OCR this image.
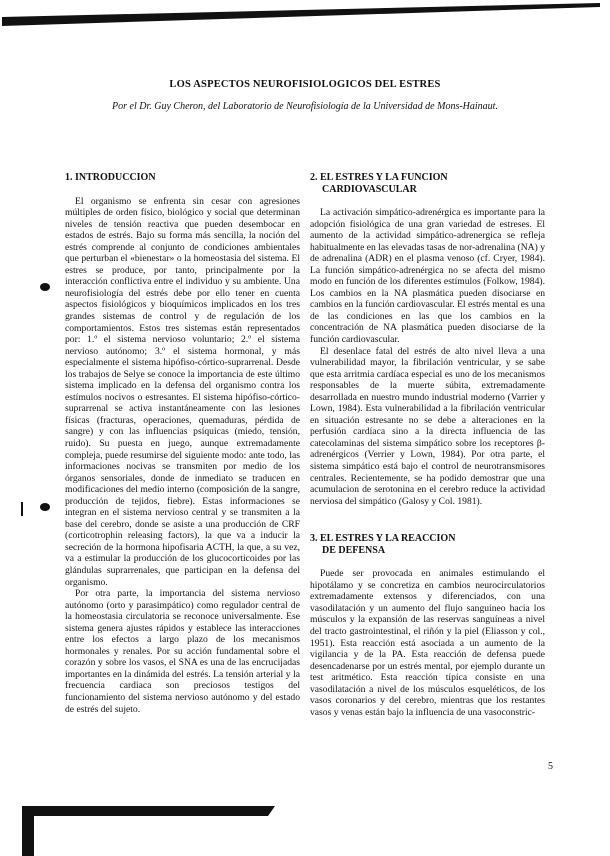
LOS ASPECTOS NEUROFISIOLOGICOS DEL ESTRES
Por el Dr. Guy Cheron, del Laboratorio de Neurofisiología de la Universidad de Mons-Hainaut.
1. INTRODUCCION

El organismo se enfrenta sin cesar con agresiones múltiples de orden físico, biológico y social que determinan niveles de tensión reactiva que pueden desembocar en estados de estrés. Bajo su forma más sencilla, la noción del estrés comprende al conjunto de condiciones ambientales que perturban el «bienestar» o la homeostasia del sistema. El estres se produce, por tanto, principalmente por la interacción conflictiva entre el individuo y su ambiente. Una neurofisiología del estrés debe por ello tener en cuenta aspectos fisiológicos y bioquímicos implicados en los tres grandes sistemas de control y de regulación de los comportamientos. Estos tres sistemas están representados por: 1.º el sistema nervioso voluntario; 2.º el sistema nervioso autónomo; 3.º el sistema hormonal, y más especialmente el sistema hipófiso-córtico-suprarrenal. Desde los trabajos de Selye se conoce la importancia de este último sistema implicado en la defensa del organismo contra los estímulos nocivos o estresantes. El sistema hipófiso-córtico-suprarrenal se activa instantáneamente con las lesiones físicas (fracturas, operaciones, quemaduras, pérdida de sangre) y con las influencias psíquicas (miedo, tensión, ruido). Su puesta en juego, aunque extremadamente compleja, puede resumirse del siguiente modo: ante todo, las informaciones nocivas se transmiten por medio de los órganos sensoriales, donde de inmediato se traducen en modificaciones del medio interno (composición de la sangre, producción de tejidos, fiebre). Estas informaciones se integran en el sistema nervioso central y se transmiten a la base del cerebro, donde se asiste a una producción de CRF (corticotrophin releasing factors), la que va a inducir la secreción de la hormona hipofisaria ACTH, la que, a su vez, va a estimular la producción de los glucocorticoides por las glándulas suprarrenales, que participan en la defensa del organismo.

Por otra parte, la importancia del sistema nervioso autónomo (orto y parasimpático) como regulador central de la homeostasia circulatoria se reconoce universalmente. Ese sistema genera ajustes rápidos y establece las interacciones entre los efectos a largo plazo de los mecanismos hormonales y renales. Por su acción fundamental sobre el corazón y sobre los vasos, el SNA es una de las encrucijadas importantes en la dinámida del estrés. La tensión arterial y la frecuencia cardiaca son preciosos testigos del funcionamiento del sistema nervioso autónomo y del estado de estrés del sujeto.

2. EL ESTRES Y LA FUNCION
CARDIOVASCULAR

La activación simpático-adrenérgica es importante para la adopción fisiológica de una gran variedad de estreses. El aumento de la actividad simpático-adrenergica se refleja habitualmente en las elevadas tasas de nor-adrenalina (NA) y de adrenalina (ADR) en el plasma venoso (cf. Cryer, 1984). La función simpático-adrenérgica no se afecta del mismo modo en función de los diferentes estímulos (Folkow, 1984). Los cambios en la NA plasmática pueden disociarse en cambios en la función cardiovascular. El estrés mental es una de las condiciones en las que los cambios en la concentración de NA plasmática pueden disociarse de la función cardiovascular.

El desenlace fatal del estrés de alto nivel lleva a una vulnerabilidad mayor, la fibrilación ventricular, y se sabe que esta arritmia cardíaca especial es uno de los mecanismos responsables de la muerte súbita, extremadamente desarrollada en nuestro mundo industrial moderno (Varrier y Lown, 1984). Esta vulnerabilidad a la fibrilación ventricular en situación estresante no se debe a alteraciones en la perfusión cardíaca sino a la directa influencia de las catecolaminas del sistema simpático sobre los receptores β-adrenérgicos (Verrier y Lown, 1984). Por otra parte, el sistema simpático está bajo el control de neurotransmisores centrales. Recientemente, se ha podido demostrar que una acumulacion de serotonina en el cerebro reduce la actividad nerviosa del simpático (Galosy y Col. 1981).

3. EL ESTRES Y LA REACCION
DE DEFENSA

Puede ser provocada en animales estimulando el hipotálamo y se concretiza en cambios neurocirculatorios extremadamente extensos y diferenciados, con una vasodilatación y un aumento del flujo sanguíneo hacia los músculos y la expansión de las reservas sanguíneas a nivel del tracto gastrointestinal, el riñón y la piel (Eliasson y col., 1951). Esta reacción está asociada a un aumento de la vigilancia y de la PA. Esta reacción de defensa puede desencadenarse por un estrés mental, por ejemplo durante un test aritmético. Esta reacción típica consiste en una vasodilatación a nivel de los músculos esqueléticos, de los vasos coronarios y del cerebro, mientras que los restantes vasos y venas están bajo la influencia de una vasoconstric-

5
